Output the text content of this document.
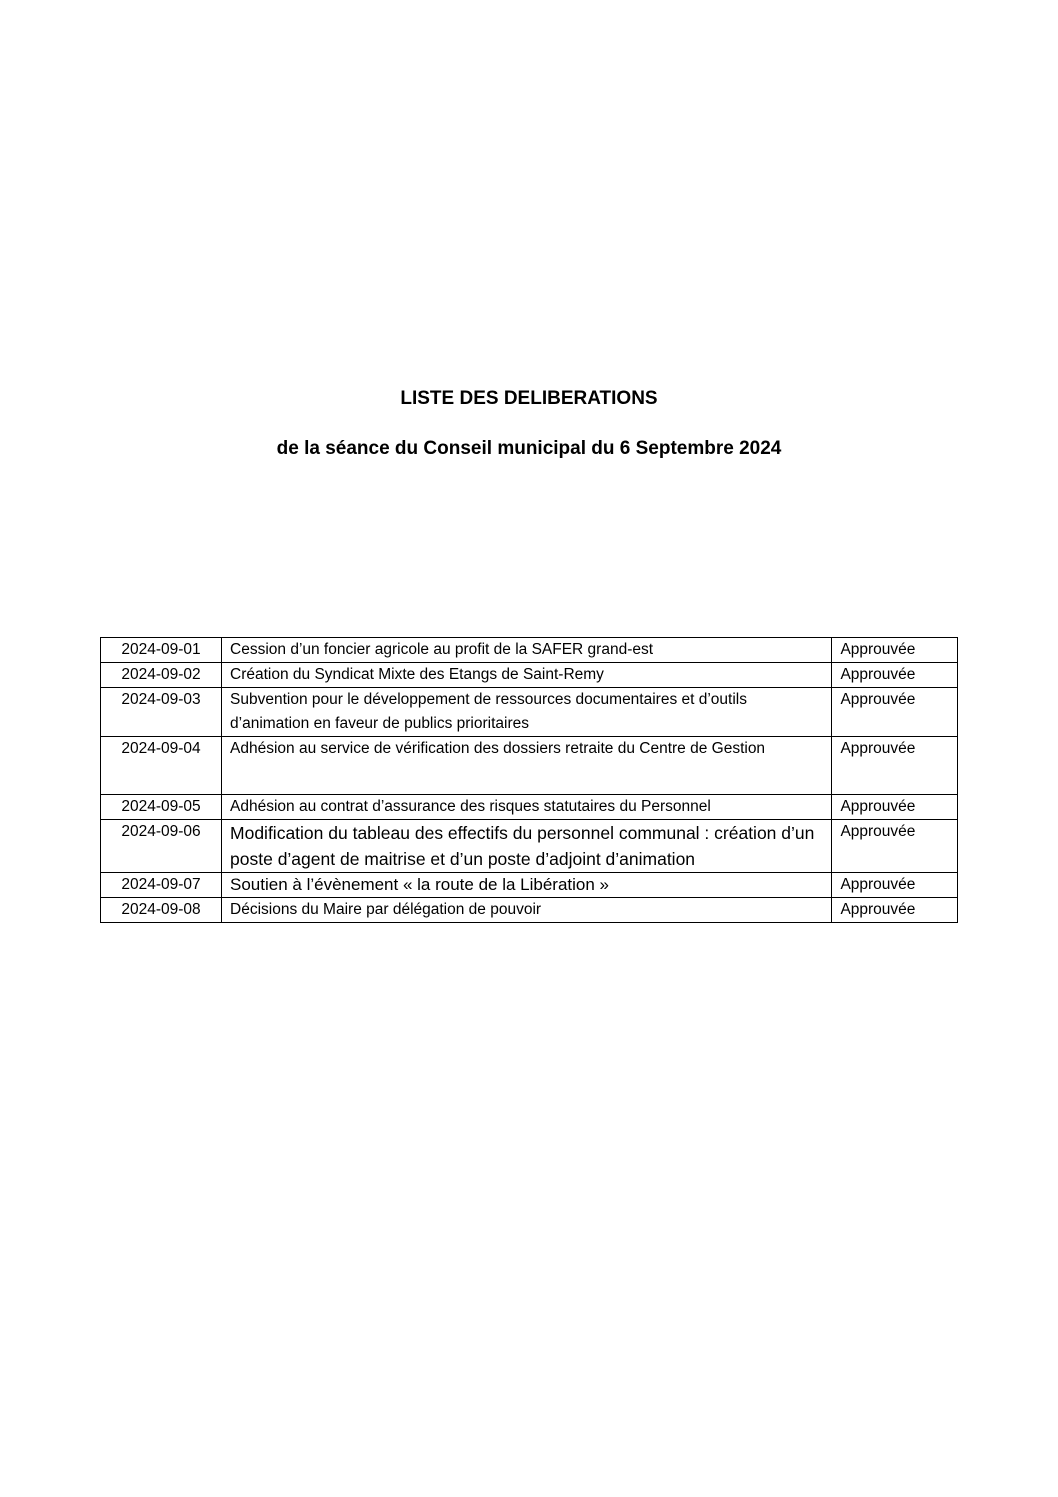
LISTE DES DELIBERATIONS
de la séance du Conseil municipal du 6 Septembre 2024
2024-09-01	Cession d’un foncier agricole au profit de la SAFER grand-est	Approuvée
2024-09-02	Création du Syndicat Mixte des Etangs de Saint-Remy	Approuvée
2024-09-03	Subvention pour le développement de ressources documentaires et d’outils d’animation en faveur de publics prioritaires	Approuvée
2024-09-04	Adhésion au service de vérification des dossiers retraite du Centre de Gestion	Approuvée
2024-09-05	Adhésion au contrat d’assurance des risques statutaires du Personnel	Approuvée
2024-09-06	Modification du tableau des effectifs du personnel communal : création d’un poste d’agent de maitrise et d’un poste d’adjoint d’animation	Approuvée
2024-09-07	Soutien à l’évènement « la route de la Libération »	Approuvée
2024-09-08	Décisions du Maire par délégation de pouvoir	Approuvée
